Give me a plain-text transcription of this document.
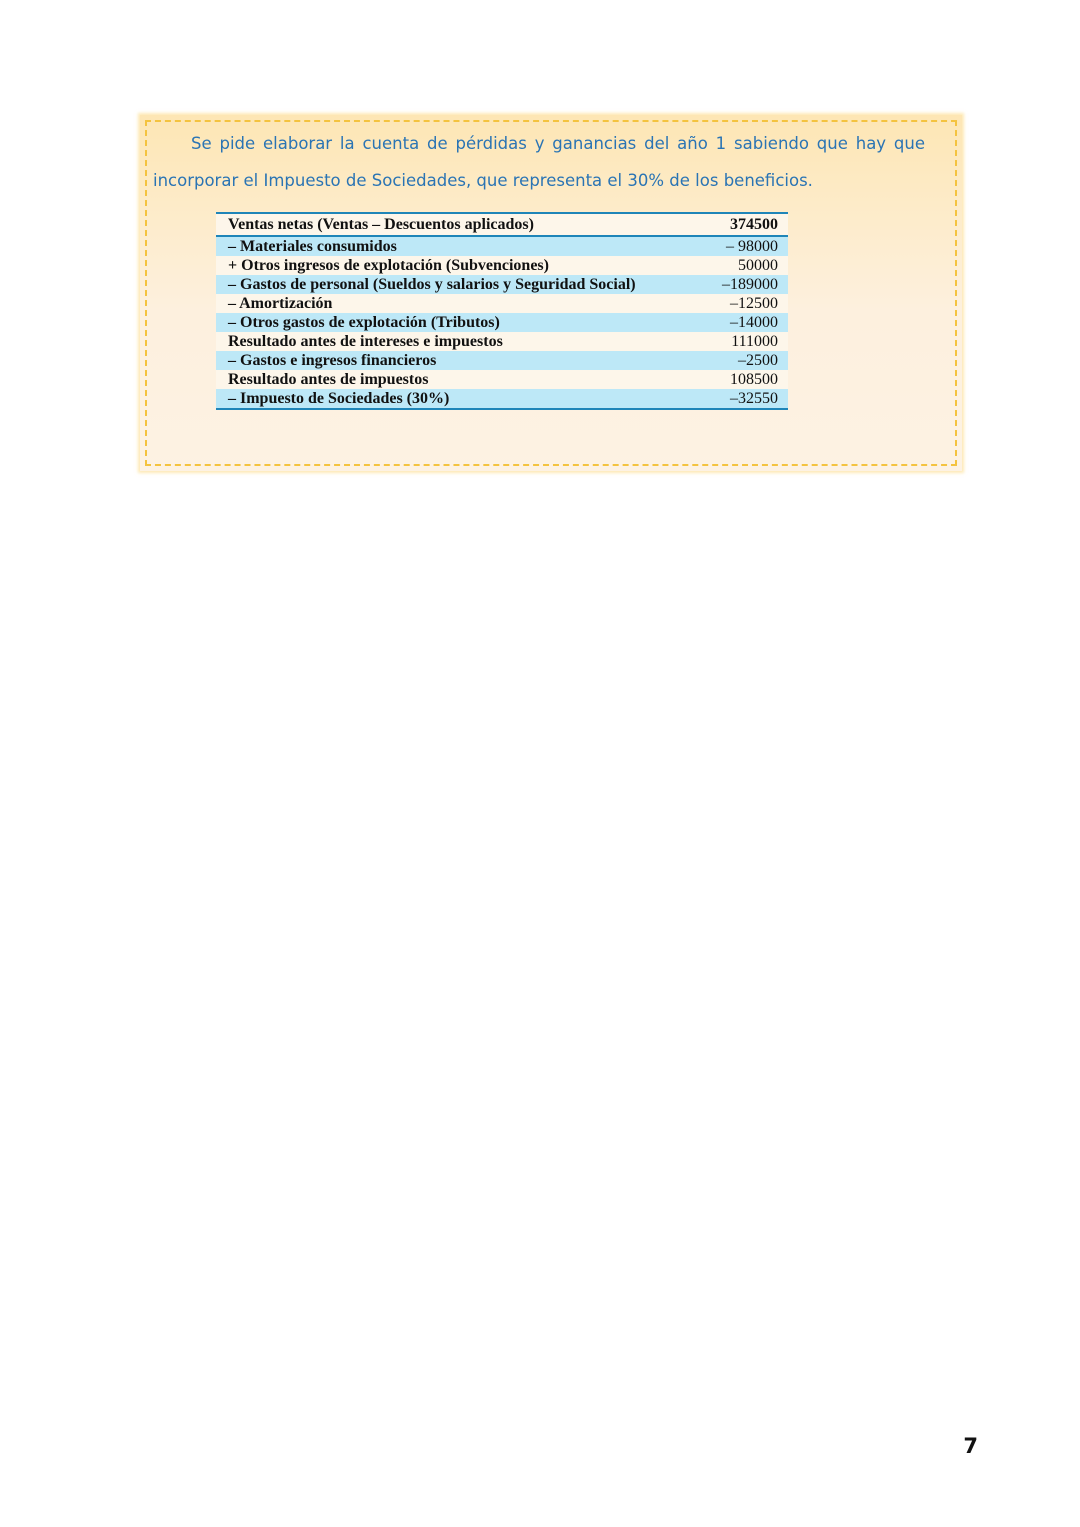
Se pide elaborar la cuenta de pérdidas y ganancias del año 1 sabiendo que hay que incorporar el Impuesto de Sociedades, que representa el 30% de los beneficios.

Ventas netas (Ventas – Descuentos aplicados)	374500
– Materiales consumidos	– 98000
+ Otros ingresos de explotación (Subvenciones)	50000
– Gastos de personal (Sueldos y salarios y Seguridad Social)	–189000
– Amortización	–12500
– Otros gastos de explotación (Tributos)	–14000
Resultado antes de intereses e impuestos	111000
– Gastos e ingresos financieros	–2500
Resultado antes de impuestos	108500
– Impuesto de Sociedades (30%)	–32550
7
